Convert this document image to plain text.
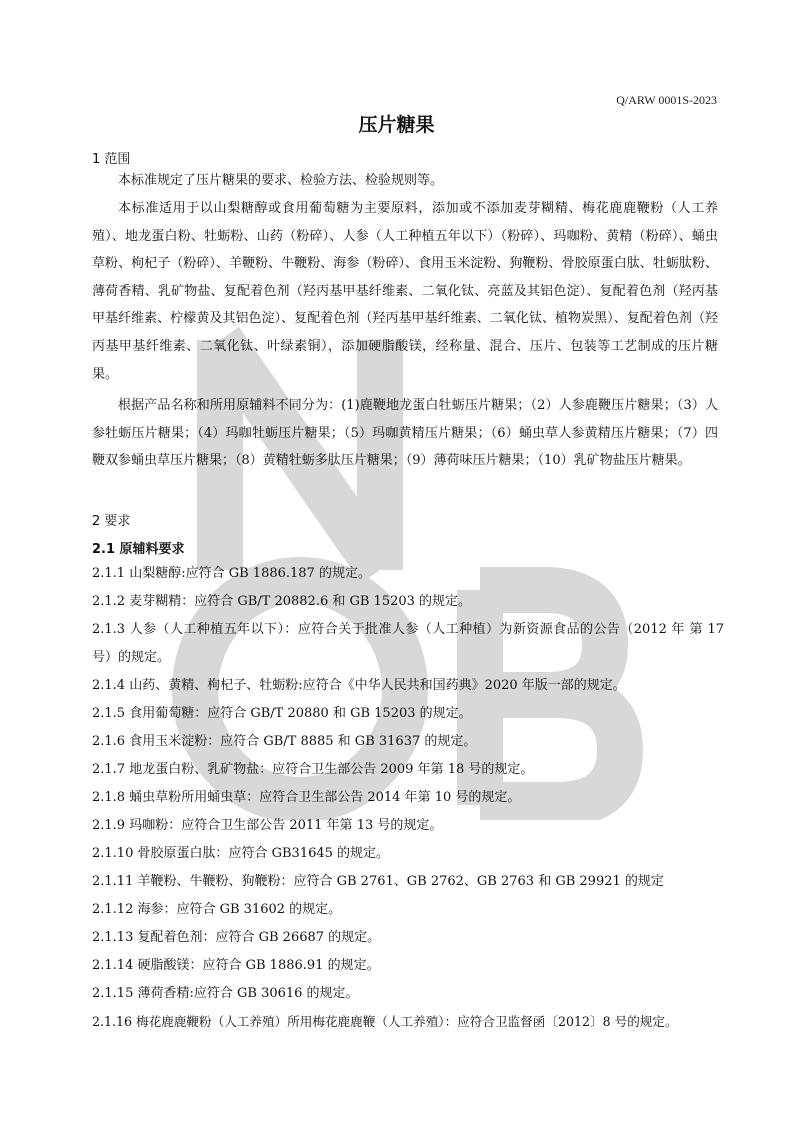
Q/ARW 0001S-2023
压片糖果
1 范围

本标准规定了压片糖果的要求、检验方法、检验规则等。

本标准适用于以山梨糖醇或食用葡萄糖为主要原料，添加或不添加麦芽糊精、梅花鹿鹿鞭粉（人工养殖）、地龙蛋白粉、牡蛎粉、山药（粉碎）、人参（人工种植五年以下）（粉碎）、玛咖粉、黄精（粉碎）、蛹虫草粉、枸杞子（粉碎）、羊鞭粉、牛鞭粉、海参（粉碎）、食用玉米淀粉、狗鞭粉、骨胶原蛋白肽、牡蛎肽粉、薄荷香精、乳矿物盐、复配着色剂（羟丙基甲基纤维素、二氧化钛、亮蓝及其铝色淀）、复配着色剂（羟丙基甲基纤维素、柠檬黄及其铝色淀）、复配着色剂（羟丙基甲基纤维素、二氧化钛、植物炭黑）、复配着色剂（羟丙基甲基纤维素、二氧化钛、叶绿素铜），添加硬脂酸镁，经称量、混合、压片、包装等工艺制成的压片糖果。

根据产品名称和所用原辅料不同分为：(1)鹿鞭地龙蛋白牡蛎压片糖果；（2）人参鹿鞭压片糖果；（3）人参牡蛎压片糖果；（4）玛咖牡蛎压片糖果；（5）玛咖黄精压片糖果；（6）蛹虫草人参黄精压片糖果；（7）四鞭双参蛹虫草压片糖果；（8）黄精牡蛎多肽压片糖果；（9）薄荷味压片糖果；（10）乳矿物盐压片糖果。

2 要求
2.1 原辅料要求

2.1.1 山梨糖醇:应符合 GB 1886.187 的规定。

2.1.2 麦芽糊精：应符合 GB/T 20882.6 和 GB 15203 的规定。

2.1.3 人参（人工种植五年以下）：应符合关于批准人参（人工种植）为新资源食品的公告（2012 年 第 17 号）的规定。

2.1.4 山药、黄精、枸杞子、牡蛎粉:应符合《中华人民共和国药典》2020 年版一部的规定。

2.1.5 食用葡萄糖：应符合 GB/T 20880 和 GB 15203 的规定。

2.1.6 食用玉米淀粉：应符合 GB/T 8885 和 GB 31637 的规定。

2.1.7 地龙蛋白粉、乳矿物盐：应符合卫生部公告 2009 年第 18 号的规定。

2.1.8 蛹虫草粉所用蛹虫草：应符合卫生部公告 2014 年第 10 号的规定。

2.1.9 玛咖粉：应符合卫生部公告 2011 年第 13 号的规定。

2.1.10 骨胶原蛋白肽：应符合 GB31645 的规定。

2.1.11 羊鞭粉、牛鞭粉、狗鞭粉：应符合 GB 2761、GB 2762、GB 2763 和 GB 29921 的规定

2.1.12 海参：应符合 GB 31602 的规定。

2.1.13 复配着色剂：应符合 GB 26687 的规定。

2.1.14 硬脂酸镁：应符合 GB 1886.91 的规定。

2.1.15 薄荷香精:应符合 GB 30616 的规定。

2.1.16 梅花鹿鹿鞭粉（人工养殖）所用梅花鹿鹿鞭（人工养殖）：应符合卫监督函〔2012〕8 号的规定。
